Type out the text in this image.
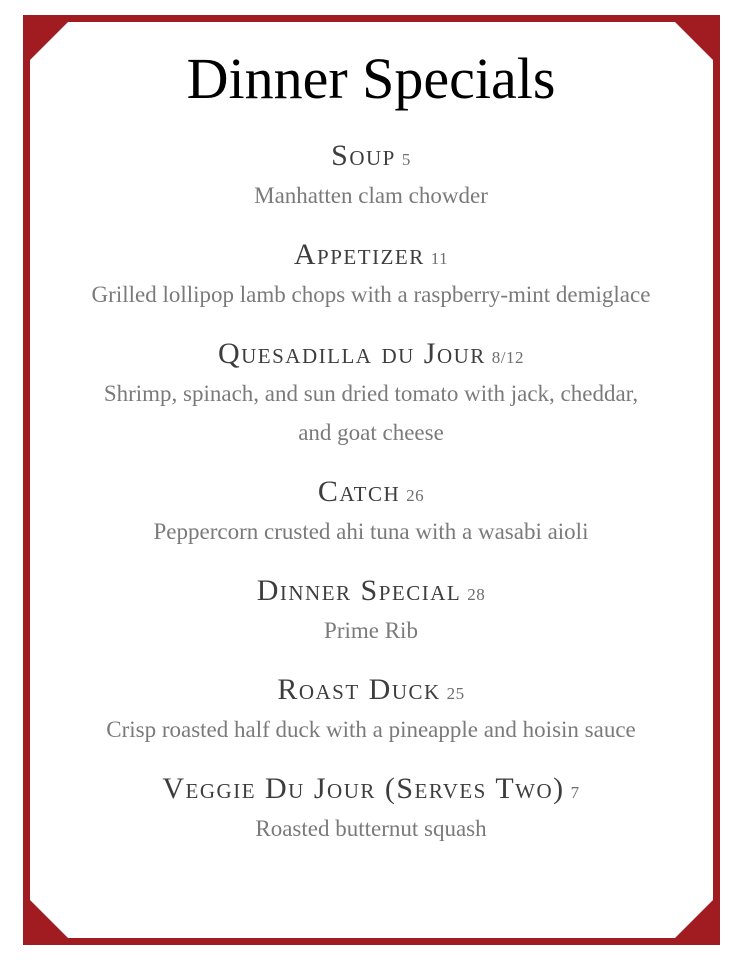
Dinner Specials
Soup 5
Manhatten clam chowder
Appetizer 11
Grilled lollipop lamb chops with a raspberry-mint demiglace
Quesadilla du Jour 8/12
Shrimp, spinach, and sun dried tomato with jack, cheddar, and goat cheese
Catch 26
Peppercorn crusted ahi tuna with a wasabi aioli
Dinner Special 28
Prime Rib
Roast Duck 25
Crisp roasted half duck with a pineapple and hoisin sauce
Veggie Du Jour (Serves Two) 7
Roasted butternut squash
